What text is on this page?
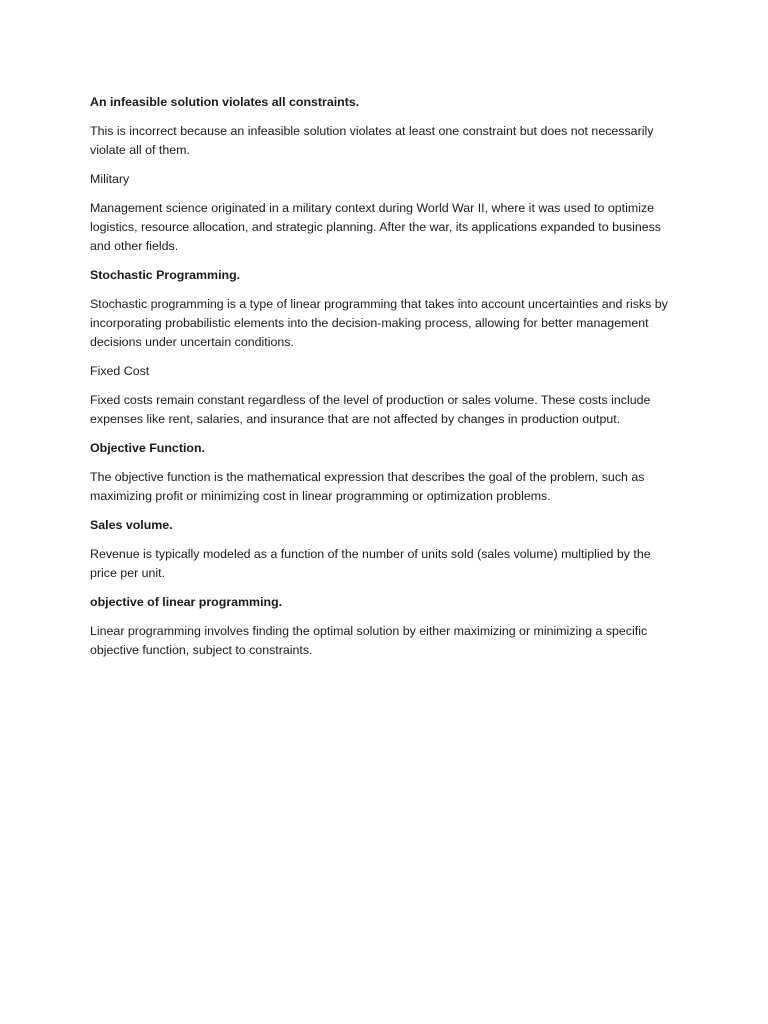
An infeasible solution violates all constraints.

This is incorrect because an infeasible solution violates at least one constraint but does not necessarily violate all of them.

Military

Management science originated in a military context during World War II, where it was used to optimize logistics, resource allocation, and strategic planning. After the war, its applications expanded to business and other fields.

Stochastic Programming.

Stochastic programming is a type of linear programming that takes into account uncertainties and risks by incorporating probabilistic elements into the decision-making process, allowing for better management decisions under uncertain conditions.

Fixed Cost

Fixed costs remain constant regardless of the level of production or sales volume. These costs include expenses like rent, salaries, and insurance that are not affected by changes in production output.

Objective Function.

The objective function is the mathematical expression that describes the goal of the problem, such as maximizing profit or minimizing cost in linear programming or optimization problems.

Sales volume.

Revenue is typically modeled as a function of the number of units sold (sales volume) multiplied by the price per unit.

objective of linear programming.

Linear programming involves finding the optimal solution by either maximizing or minimizing a specific objective function, subject to constraints.
